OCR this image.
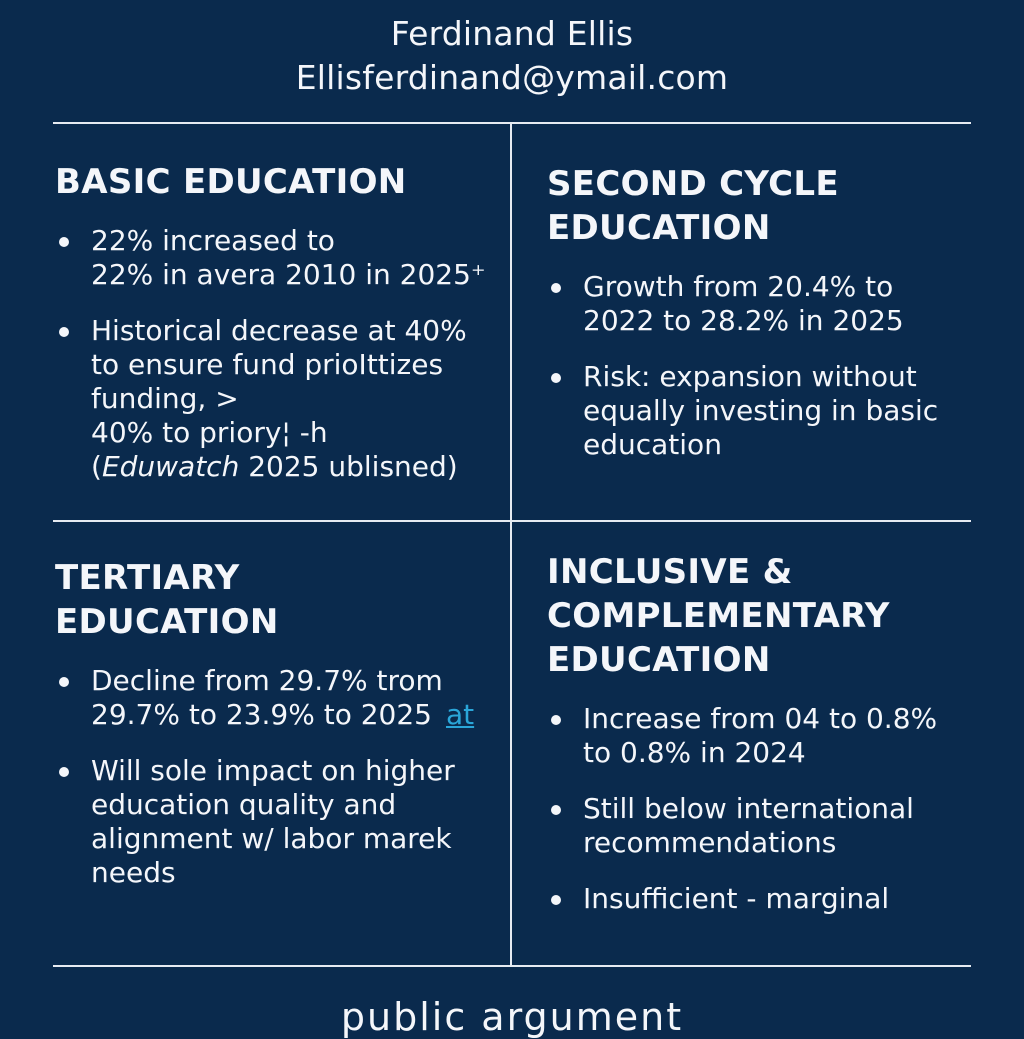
Ferdinand Ellis
Ellisferdinand@ymail.com
BASIC EDUCATION
22% increased to
22% in avera 2010 in 2025⁺
Historical decrease at 40%
to ensure fund prioIttizes
funding, >
40% to priory¦ -h
(Eduwatch 2025 ublisned)
SECOND CYCLE
EDUCATION
Growth from 20.4% to
2022 to 28.2% in 2025
Risk: expansion without
equally investing in basic
education
TERTIARY
EDUCATION
Decline from 29.7% trom
29.7% to 23.9% to 2025 at
Will sole impact on higher
education quality and
alignment w/ labor marek
needs
INCLUSIVE &
COMPLEMENTARY
EDUCATION
Increase from 04 to 0.8%
to 0.8% in 2024
Still below international
recommendations
Insufficient - marginal
public argument
